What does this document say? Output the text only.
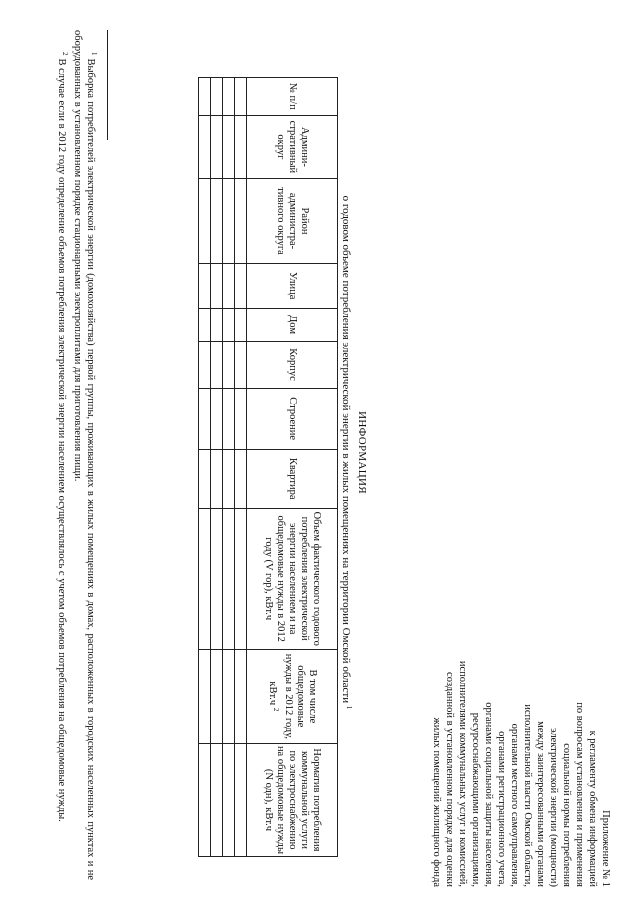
Приложение № 1
к регламенту обмена информацией
по вопросам установления и применения
социальной нормы потребления
электрической энергии (мощности)
между заинтересованными органами
исполнительной власти Омской области,
органами местного самоуправления,
органами регистрационного учета,
органами социальной защиты населения,
ресурсоснабжающими организациями,
исполнителями коммунальных услуг и комиссией,
созданной в установленном порядке для оценки
жилых помещений жилищного фонда
ИНФОРМАЦИЯ
о годовом объеме потребления электрической энергии в жилых помещениях на территории Омской области $^1$
№ п/п	Админи-стративный округ	Район администра-тивного округа	Улица	Дом	Корпус	Строение	Квартира	Объем фактического годового потребления электрической энергии населением и на общедомовые нужды в 2012 году (V гор), кВт.ч	В том числе общедомовые нужды в 2012 году, кВт.ч $^2$	Норматив потребления коммунальной услуги по электроснабжению на общедомовые нужды (N одн), кВт.ч

$^1$Выборка потребителей электрической энергии (домохозяйства) первой группы, проживающих в жилых помещениях в домах, расположенных в городских населенных пунктах и не оборудованных в установленном порядке стационарными электроплитами для приготовления пищи.

$^2$В случае если в 2012 году определение объемов потребления электрической энергии населением осуществлялось с учетом объемов потребления на общедомовые нужды.
